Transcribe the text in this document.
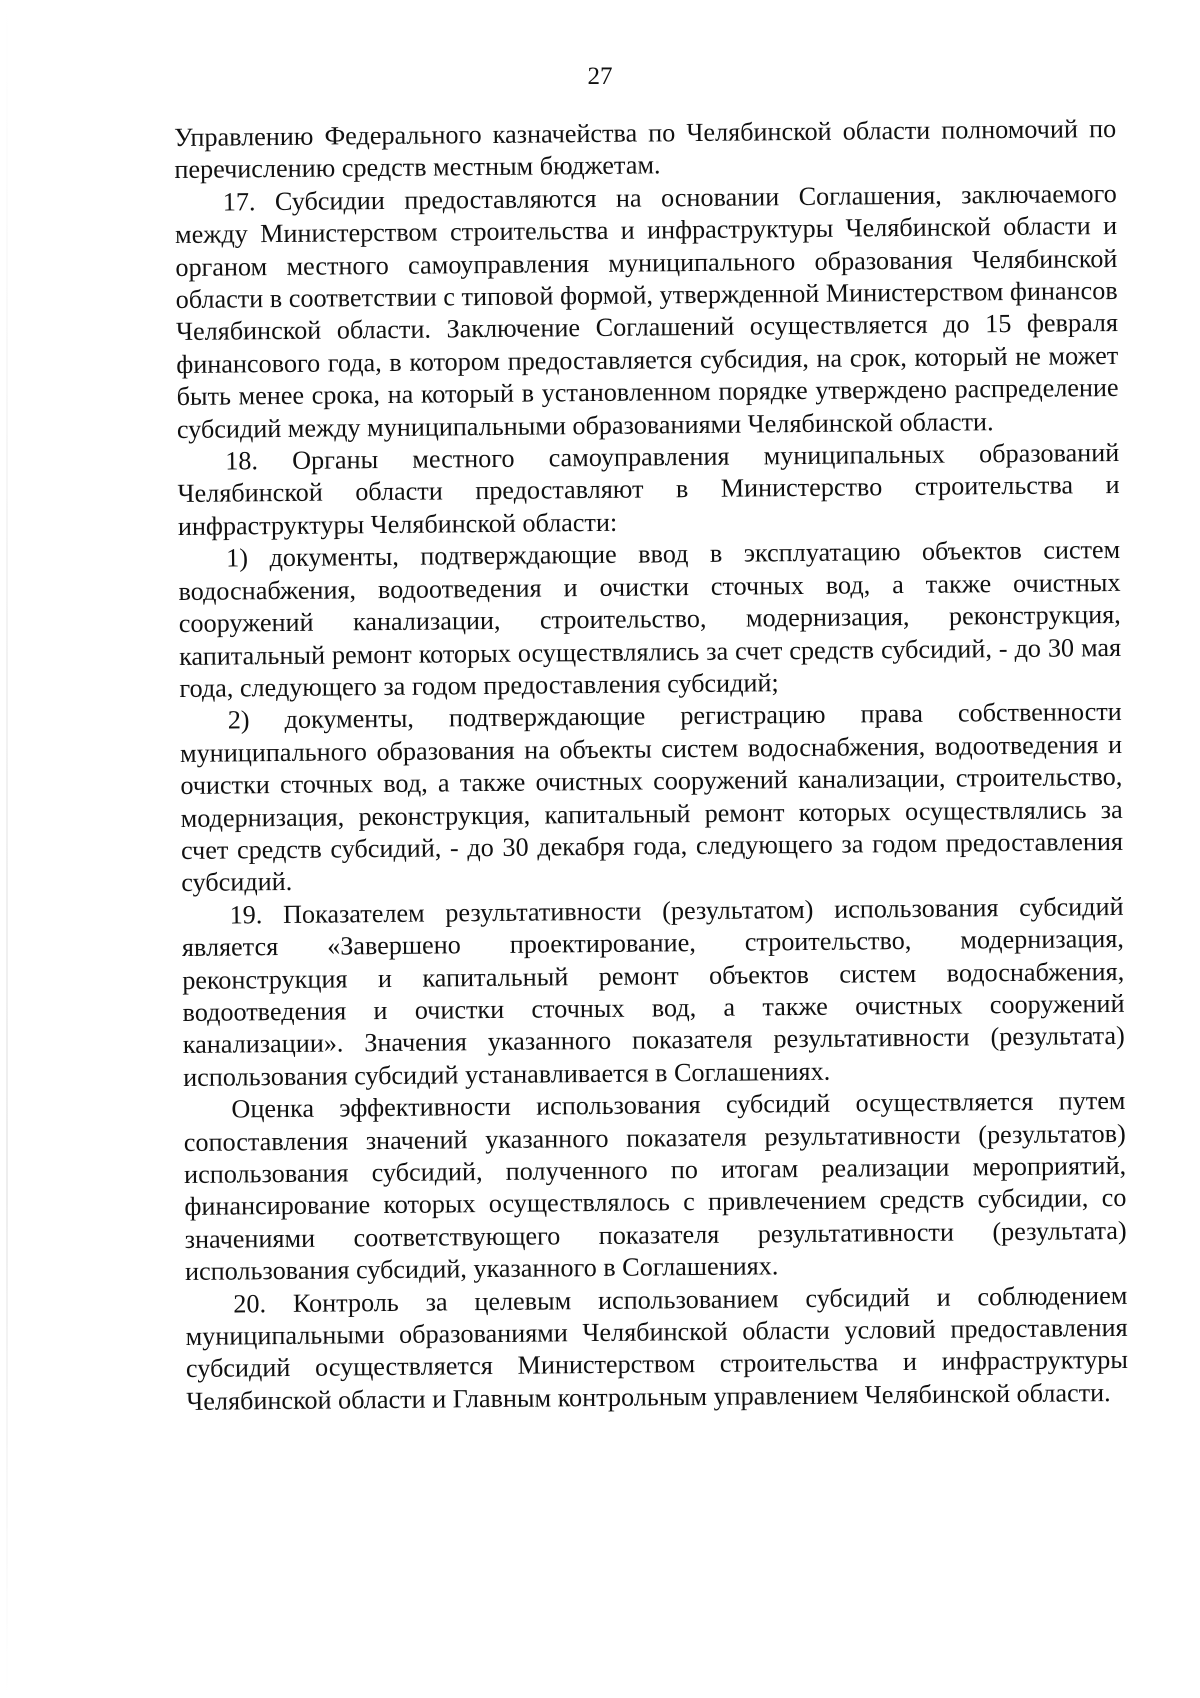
27

Управлению Федерального казначейства по Челябинской области полномочий по перечислению средств местным бюджетам.

17. Субсидии предоставляются на основании Соглашения, заключаемого между Министерством строительства и инфраструктуры Челябинской области и органом местного самоуправления муниципального образования Челябинской области в соответствии с типовой формой, утвержденной Министерством финансов Челябинской области. Заключение Соглашений осуществляется до 15 февраля финансового года, в котором предоставляется субсидия, на срок, который не может быть менее срока, на который в установленном порядке утверждено распределение субсидий между муниципальными образованиями Челябинской области.

18. Органы местного самоуправления муниципальных образований Челябинской области предоставляют в Министерство строительства и инфраструктуры Челябинской области:

1) документы, подтверждающие ввод в эксплуатацию объектов систем водоснабжения, водоотведения и очистки сточных вод, а также очистных сооружений канализации, строительство, модернизация, реконструкция, капитальный ремонт которых осуществлялись за счет средств субсидий, - до 30 мая года, следующего за годом предоставления субсидий;

2) документы, подтверждающие регистрацию права собственности муниципального образования на объекты систем водоснабжения, водоотведения и очистки сточных вод, а также очистных сооружений канализации, строительство, модернизация, реконструкция, капитальный ремонт которых осуществлялись за счет средств субсидий, - до 30 декабря года, следующего за годом предоставления субсидий.

19. Показателем результативности (результатом) использования субсидий является «Завершено проектирование, строительство, модернизация, реконструкция и капитальный ремонт объектов систем водоснабжения, водоотведения и очистки сточных вод, а также очистных сооружений канализации». Значения указанного показателя результативности (результата) использования субсидий устанавливается в Соглашениях.

Оценка эффективности использования субсидий осуществляется путем сопоставления значений указанного показателя результативности (результатов) использования субсидий, полученного по итогам реализации мероприятий, финансирование которых осуществлялось с привлечением средств субсидии, со значениями соответствующего показателя результативности (результата) использования субсидий, указанного в Соглашениях.

20. Контроль за целевым использованием субсидий и соблюдением муниципальными образованиями Челябинской области условий предоставления субсидий осуществляется Министерством строительства и инфраструктуры Челябинской области и Главным контрольным управлением Челябинской области.
